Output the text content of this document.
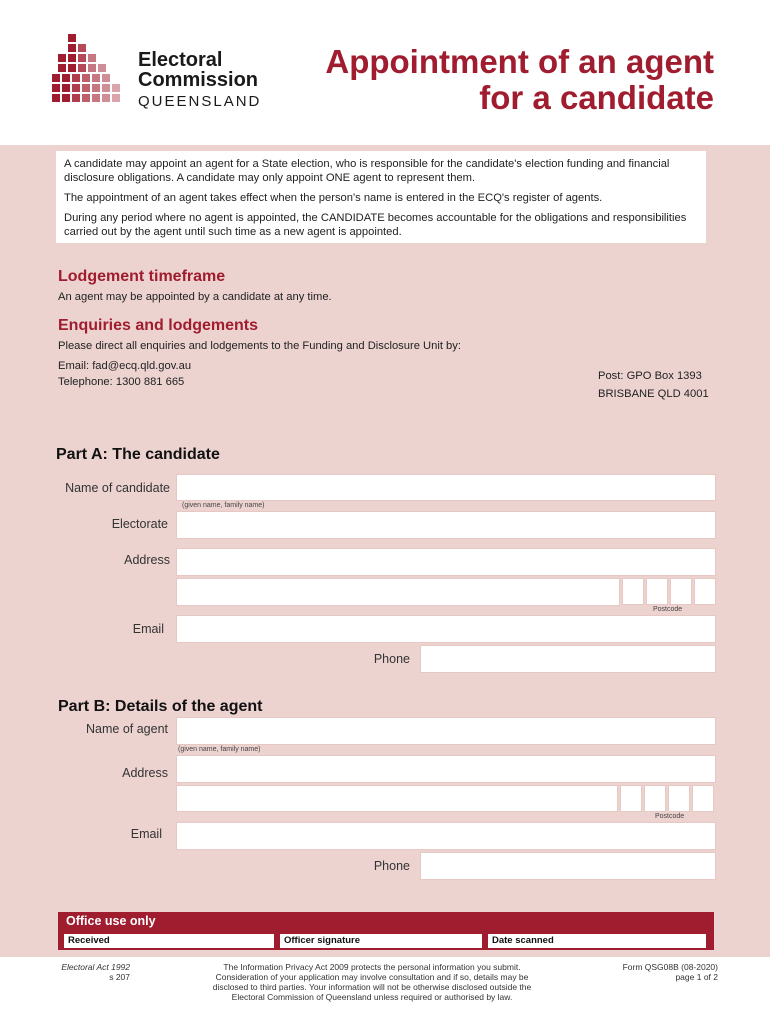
Electoral
Commission
QUEENSLAND
Appointment of an agent
for a candidate

A candidate may appoint an agent for a State election, who is responsible for the candidate's election funding and financial disclosure obligations. A candidate may only appoint ONE agent to represent them.

The appointment of an agent takes effect when the person's name is entered in the ECQ's register of agents.

During any period where no agent is appointed, the CANDIDATE becomes accountable for the obligations and responsibilities carried out by the agent until such time as a new agent is appointed.

Lodgement timeframe
An agent may be appointed by a candidate at any time.
Enquiries and lodgements
Please direct all enquiries and lodgements to the Funding and Disclosure Unit by:
Email: fad@ecq.qld.gov.au
Telephone: 1300 881 665	Post: GPO Box 1393
BRISBANE QLD 4001
Part A: The candidate
Name of candidate
(given name, family name)
Electorate
Address
Postcode
Email
Phone
Part B: Details of the agent
Name of agent
(given name, family name)
Address
Postcode
Email
Phone
Office use only
Received	Officer signature	Date scanned
Electoral Act 1992
s 207
The Information Privacy Act 2009 protects the personal information you submit.
Consideration of your application may involve consultation and if so, details may be
disclosed to third parties. Your information will not be otherwise disclosed outside the
Electoral Commission of Queensland unless required or authorised by law.
Form QSG08B (08-2020)
page 1 of 2
